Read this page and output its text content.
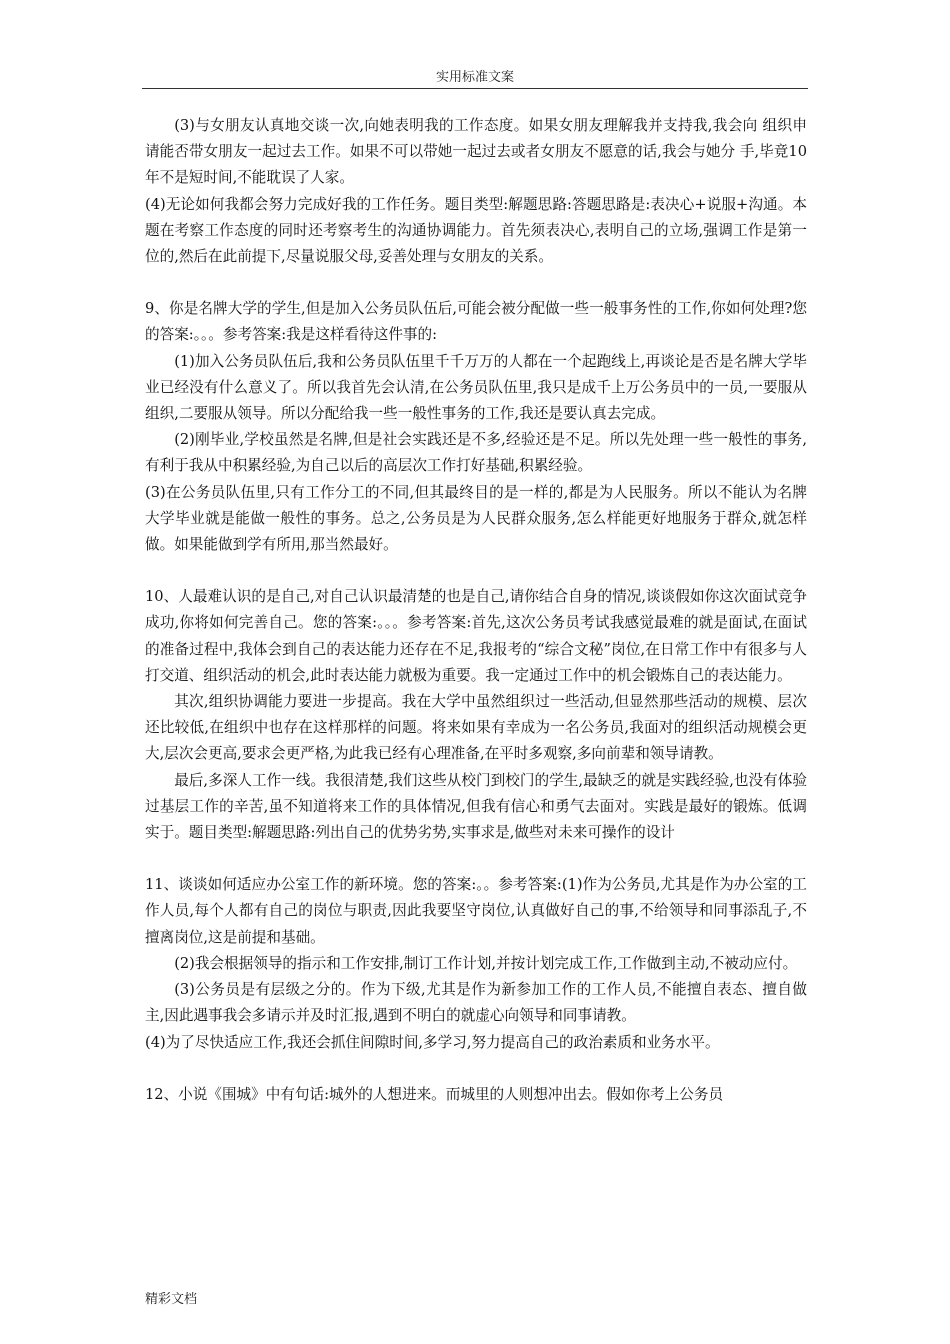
实用标准文案

(3)与女朋友认真地交谈一次,向她表明我的工作态度。如果女朋友理解我并支持我,我会向 组织申请能否带女朋友一起过去工作。如果不可以带她一起过去或者女朋友不愿意的话,我会与她分 手,毕竟10年不是短时间,不能耽误了人家。

(4)无论如何我都会努力完成好我的工作任务。题目类型:解题思路:答题思路是:表决心+说服+沟通。本题在考察工作态度的同时还考察考生的沟通协调能力。首先须表决心,表明自己的立场,强调工作是第一位的,然后在此前提下,尽量说服父母,妥善处理与女朋友的关系。

9、你是名牌大学的学生,但是加入公务员队伍后,可能会被分配做一些一般事务性的工作,你如何处理?您的答案:。。。参考答案:我是这样看待这件事的:

(1)加入公务员队伍后,我和公务员队伍里千千万万的人都在一个起跑线上,再谈论是否是名牌大学毕业已经没有什么意义了。所以我首先会认清,在公务员队伍里,我只是成千上万公务员中的一员,一要服从组织,二要服从领导。所以分配给我一些一般性事务的工作,我还是要认真去完成。

(2)刚毕业,学校虽然是名牌,但是社会实践还是不多,经验还是不足。所以先处理一些一般性的事务,有利于我从中积累经验,为自己以后的高层次工作打好基础,积累经验。

(3)在公务员队伍里,只有工作分工的不同,但其最终目的是一样的,都是为人民服务。所以不能认为名牌大学毕业就是能做一般性的事务。总之,公务员是为人民群众服务,怎么样能更好地服务于群众,就怎样做。如果能做到学有所用,那当然最好。

10、人最难认识的是自己,对自己认识最清楚的也是自己,请你结合自身的情况,谈谈假如你这次面试竞争成功,你将如何完善自己。您的答案:。。。参考答案:首先,这次公务员考试我感觉最难的就是面试,在面试的准备过程中,我体会到自己的表达能力还存在不足,我报考的“综合文秘”岗位,在日常工作中有很多与人打交道、组织活动的机会,此时表达能力就极为重要。我一定通过工作中的机会锻炼自己的表达能力。

其次,组织协调能力要进一步提高。我在大学中虽然组织过一些活动,但显然那些活动的规模、层次还比较低,在组织中也存在这样那样的问题。将来如果有幸成为一名公务员,我面对的组织活动规模会更大,层次会更高,要求会更严格,为此我已经有心理准备,在平时多观察,多向前辈和领导请教。

最后,多深人工作一线。我很清楚,我们这些从校门到校门的学生,最缺乏的就是实践经验,也没有体验过基层工作的辛苦,虽不知道将来工作的具体情况,但我有信心和勇气去面对。实践是最好的锻炼。低调实于。题目类型:解题思路:列出自己的优势劣势,实事求是,做些对未来可操作的设计

11、谈谈如何适应办公室工作的新环境。您的答案:。。参考答案:(1)作为公务员,尤其是作为办公室的工作人员,每个人都有自己的岗位与职责,因此我要坚守岗位,认真做好自己的事,不给领导和同事添乱子,不擅离岗位,这是前提和基础。

(2)我会根据领导的指示和工作安排,制订工作计划,并按计划完成工作,工作做到主动,不被动应付。

(3)公务员是有层级之分的。作为下级,尤其是作为新参加工作的工作人员,不能擅自表态、擅自做主,因此遇事我会多请示并及时汇报,遇到不明白的就虚心向领导和同事请教。

(4)为了尽快适应工作,我还会抓住间隙时间,多学习,努力提高自己的政治素质和业务水平。

12、小说《围城》中有句话:城外的人想进来。而城里的人则想冲出去。假如你考上公务员

精彩文档
